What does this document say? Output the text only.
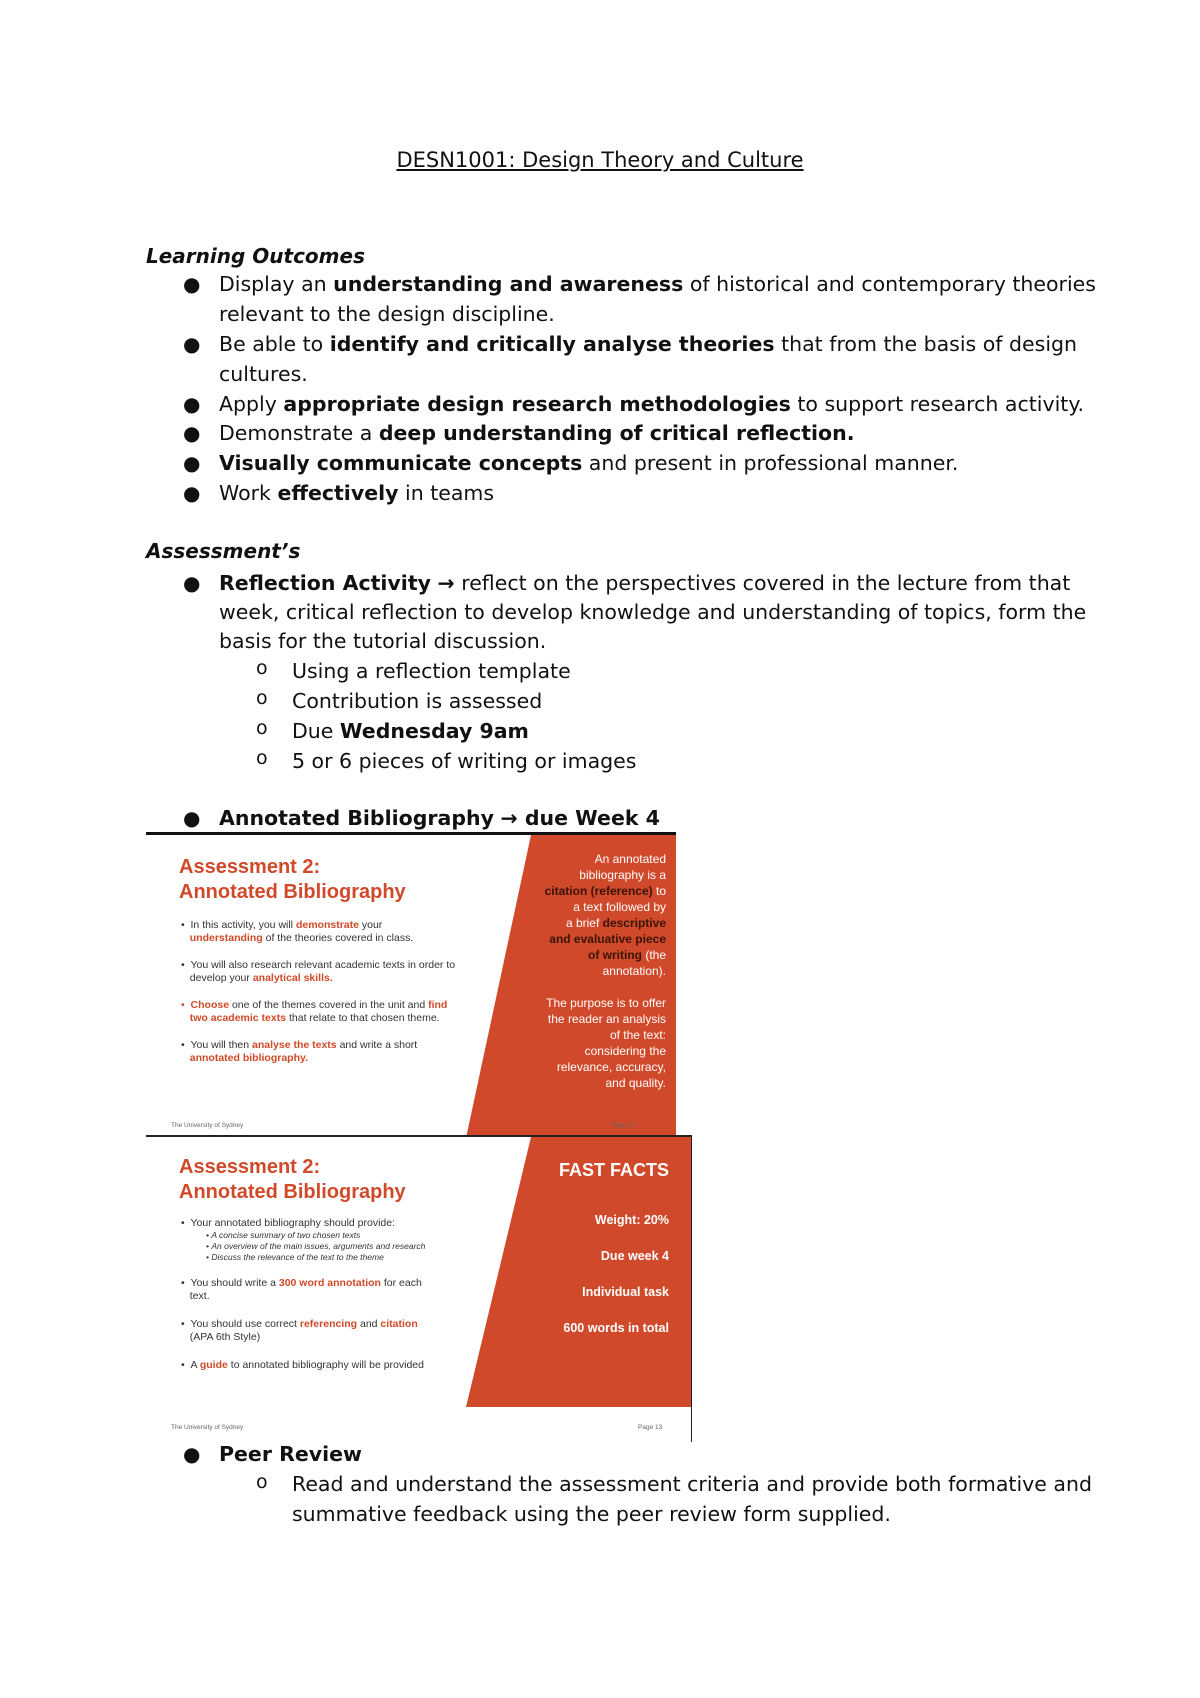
DESN1001: Design Theory and Culture
Learning Outcomes
● Display an understanding and awareness of historical and contemporary theories
relevant to the design discipline.
● Be able to identify and critically analyse theories that from the basis of design
cultures.
● Apply appropriate design research methodologies to support research activity.
● Demonstrate a deep understanding of critical reflection.
● Visually communicate concepts and present in professional manner.
● Work effectively in teams
Assessment’s
● Reflection Activity → reflect on the perspectives covered in the lecture from that
week, critical reflection to develop knowledge and understanding of topics, form the
basis for the tutorial discussion.
o Using a reflection template
o Contribution is assessed
o Due Wednesday 9am
o 5 or 6 pieces of writing or images
● Annotated Bibliography → due Week 4
Assessment 2:
Annotated Bibliography
•  In this activity, you will demonstrate your
understanding of the theories covered in class.
•  You will also research relevant academic texts in order to
develop your analytical skills.
• Choose one of the themes covered in the unit and find
two academic texts that relate to that chosen theme.
•  You will then analyse the texts and write a short
annotated bibliography.
An annotated
bibliography is a
citation (reference) to
a text followed by
a brief descriptive
and evaluative piece
of writing (the
annotation).
The purpose is to offer
the reader an analysis
of the text:
considering the
relevance, accuracy,
and quality.
The University of Sydney	Page 12
Assessment 2:
Annotated Bibliography
•  Your annotated bibliography should provide:
• A concise summary of two chosen texts
• An overview of the main issues, arguments and research
• Discuss the relevance of the text to the theme
•  You should write a 300 word annotation for each
text.
•  You should use correct referencing and citation
(APA 6th Style)
•  A guide to annotated bibliography will be provided
FAST FACTS
Weight: 20%
Due week 4
Individual task
600 words in total
The University of Sydney	Page 13
● Peer Review
o Read and understand the assessment criteria and provide both formative and
summative feedback using the peer review form supplied.
